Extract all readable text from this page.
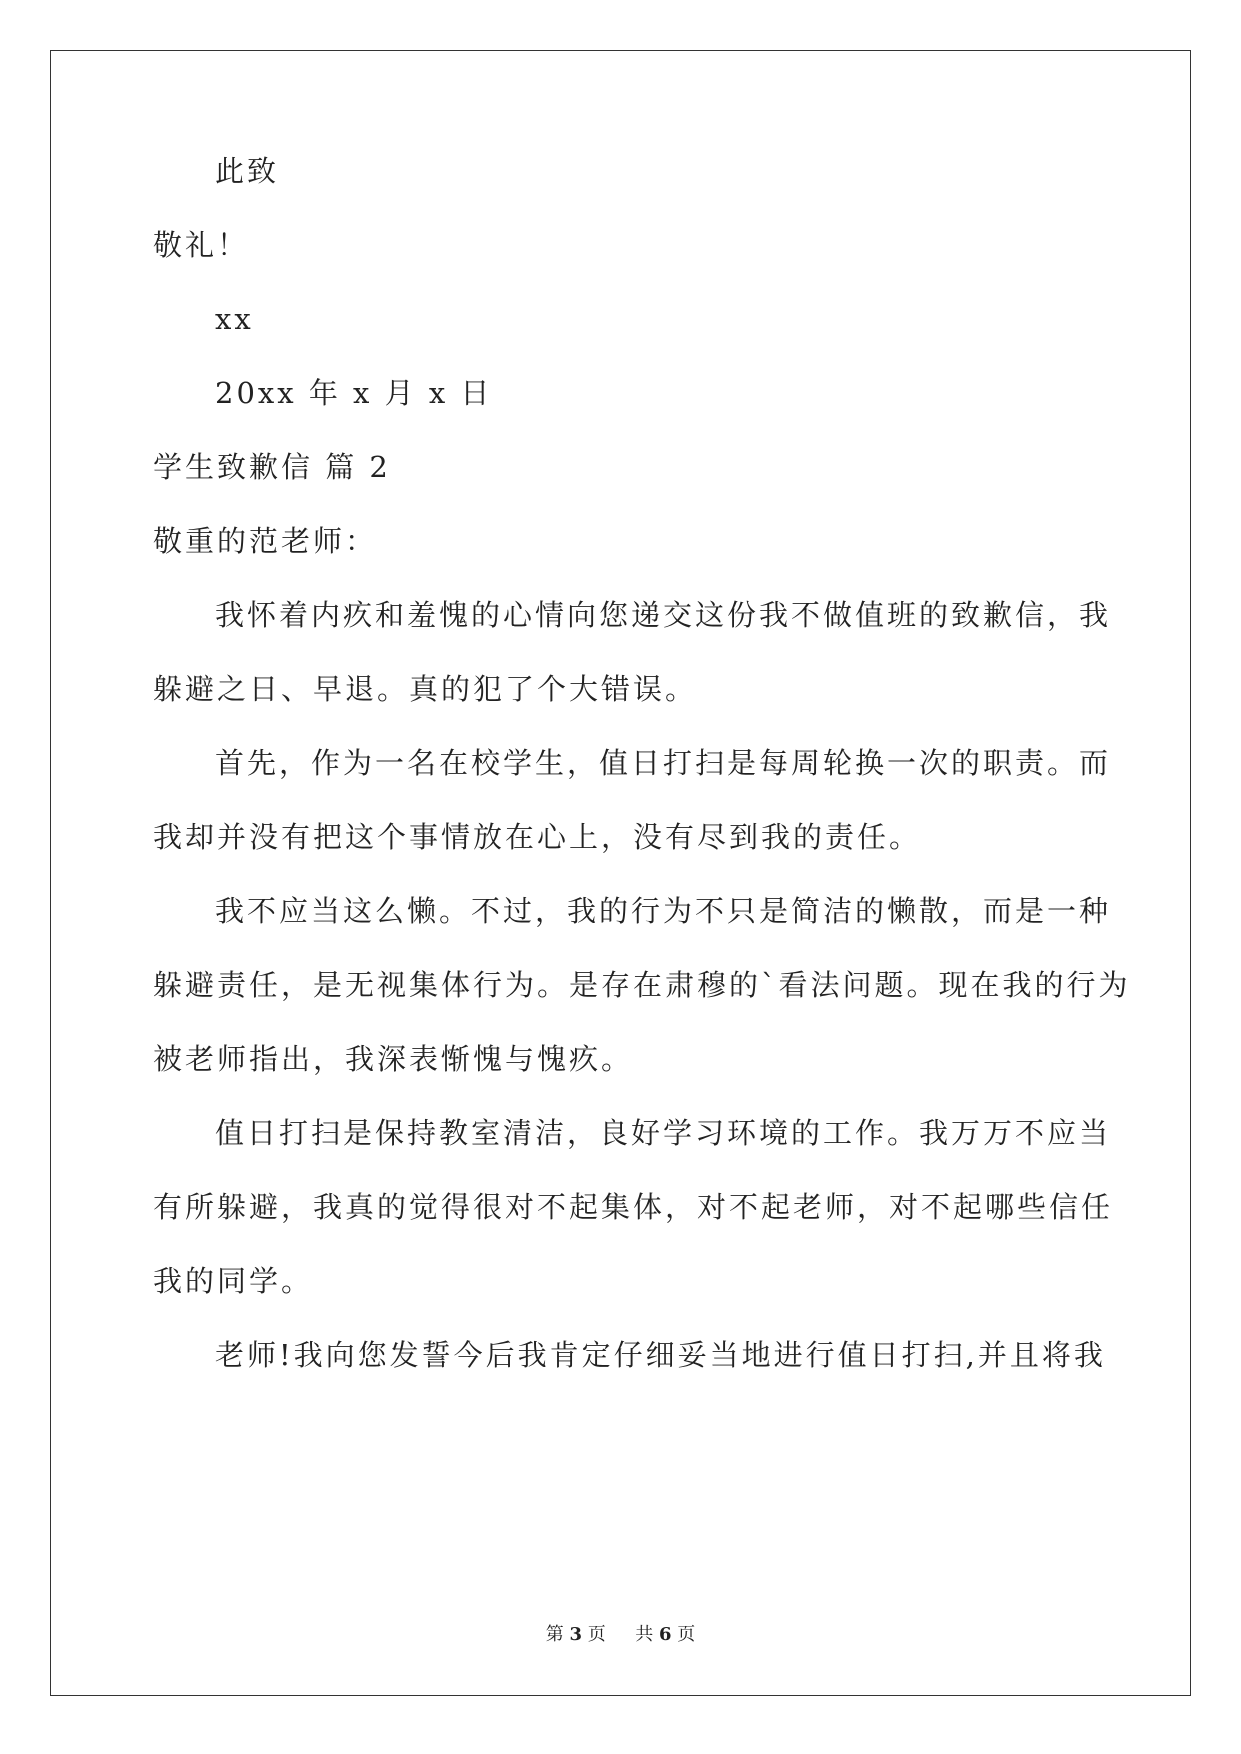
此致
敬礼！
xx
20xx 年 x 月 x 日
学生致歉信 篇 2
敬重的范老师：
我怀着内疚和羞愧的心情向您递交这份我不做值班的致歉信，我
躲避之日、早退。真的犯了个大错误。
首先，作为一名在校学生，值日打扫是每周轮换一次的职责。而
我却并没有把这个事情放在心上，没有尽到我的责任。
我不应当这么懒。不过，我的行为不只是简洁的懒散，而是一种
躲避责任，是无视集体行为。是存在肃穆的`看法问题。现在我的行为
被老师指出，我深表惭愧与愧疚。
值日打扫是保持教室清洁，良好学习环境的工作。我万万不应当
有所躲避，我真的觉得很对不起集体，对不起老师，对不起哪些信任
我的同学。
老师!我向您发誓今后我肯定仔细妥当地进行值日打扫,并且将我
第 3 页 共 6 页
